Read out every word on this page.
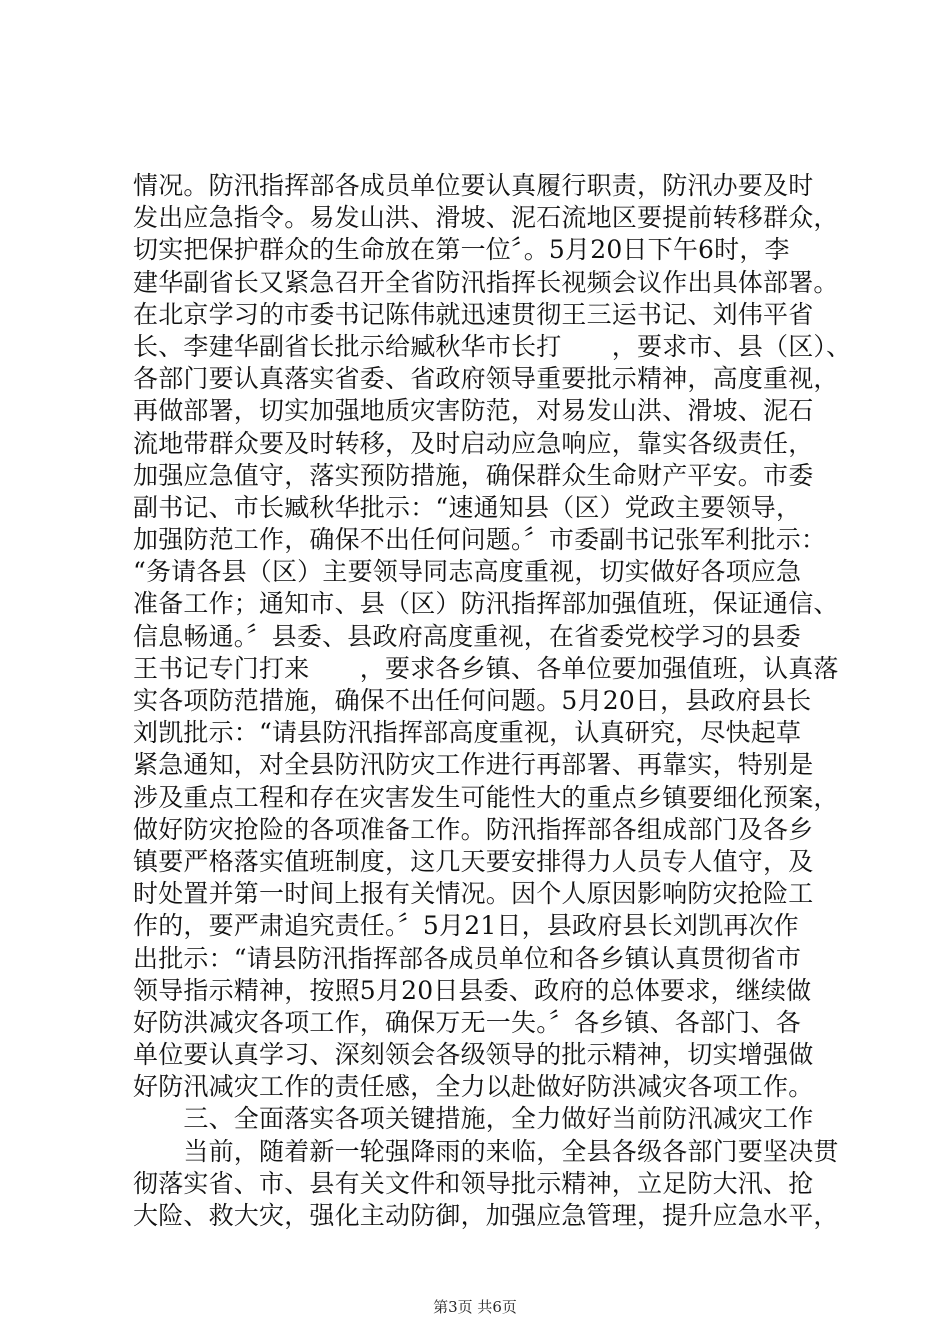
情况。防汛指挥部各成员单位要认真履行职责，防汛办要及时
发出应急指令。易发山洪、滑坡、泥石流地区要提前转移群众，
切实把保护群众的生命放在第一位〞。5月20日下午6时，李
建华副省长又紧急召开全省防汛指挥长视频会议作出具体部署。
在北京学习的市委书记陈伟就迅速贯彻王三运书记、刘伟平省
长、李建华副省长批示给臧秋华市长打　　，要求市、县（区）、
各部门要认真落实省委、省政府领导重要批示精神，高度重视，
再做部署，切实加强地质灾害防范，对易发山洪、滑坡、泥石
流地带群众要及时转移，及时启动应急响应，靠实各级责任，
加强应急值守，落实预防措施，确保群众生命财产平安。市委
副书记、市长臧秋华批示：“速通知县（区）党政主要领导，
加强防范工作，确保不出任何问题。〞市委副书记张军利批示：
“务请各县（区）主要领导同志高度重视，切实做好各项应急
准备工作；通知市、县（区）防汛指挥部加强值班，保证通信、
信息畅通。〞县委、县政府高度重视，在省委党校学习的县委
王书记专门打来　　，要求各乡镇、各单位要加强值班，认真落
实各项防范措施，确保不出任何问题。5月20日，县政府县长
刘凯批示：“请县防汛指挥部高度重视，认真研究，尽快起草
紧急通知，对全县防汛防灾工作进行再部署、再靠实，特别是
涉及重点工程和存在灾害发生可能性大的重点乡镇要细化预案，
做好防灾抢险的各项准备工作。防汛指挥部各组成部门及各乡
镇要严格落实值班制度，这几天要安排得力人员专人值守，及
时处置并第一时间上报有关情况。因个人原因影响防灾抢险工
作的，要严肃追究责任。〞5月21日，县政府县长刘凯再次作
出批示：“请县防汛指挥部各成员单位和各乡镇认真贯彻省市
领导指示精神，按照5月20日县委、政府的总体要求，继续做
好防洪减灾各项工作，确保万无一失。〞各乡镇、各部门、各
单位要认真学习、深刻领会各级领导的批示精神，切实增强做
好防汛减灾工作的责任感，全力以赴做好防洪减灾各项工作。
　　三、全面落实各项关键措施，全力做好当前防汛减灾工作
　　当前，随着新一轮强降雨的来临，全县各级各部门要坚决贯
彻落实省、市、县有关文件和领导批示精神，立足防大汛、抢
大险、救大灾，强化主动防御，加强应急管理，提升应急水平，
第3页 共6页
